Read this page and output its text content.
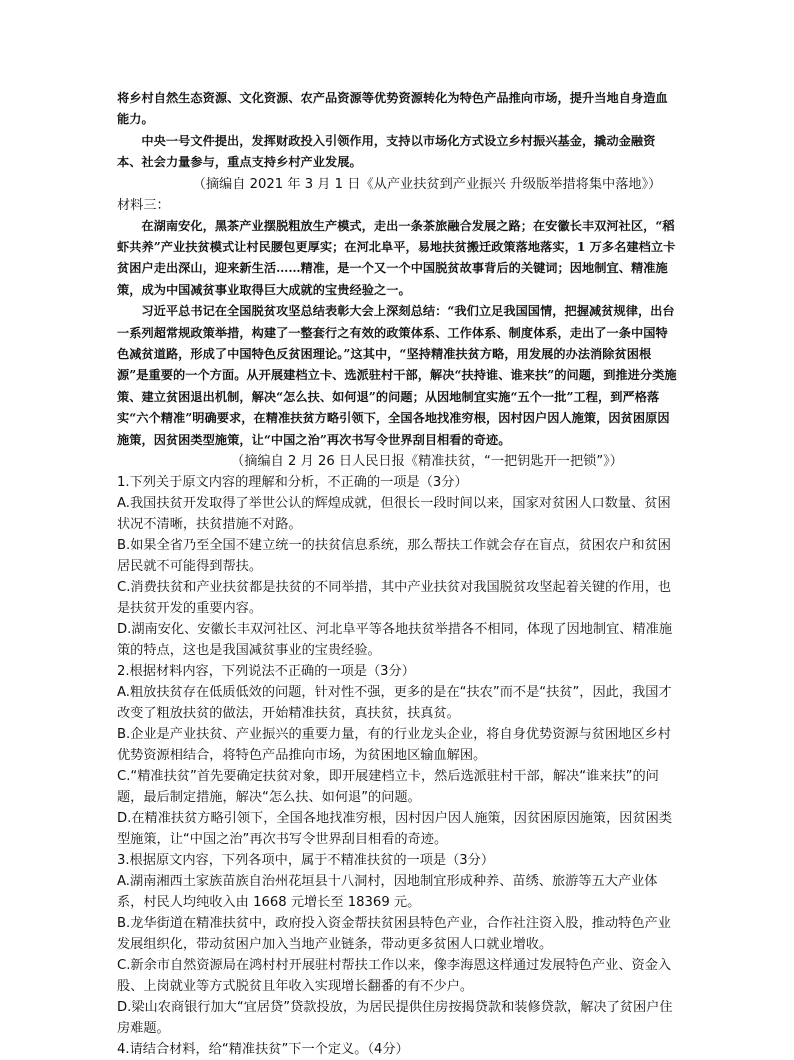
将乡村自然生态资源、文化资源、农产品资源等优势资源转化为特色产品推向市场，提升当地自身造血能力。

中央一号文件提出，发挥财政投入引领作用，支持以市场化方式设立乡村振兴基金，撬动金融资本、社会力量参与，重点支持乡村产业发展。

（摘编自 2021 年 3 月 1 日《从产业扶贫到产业振兴 升级版举措将集中落地》）

材料三：

在湖南安化，黑茶产业摆脱粗放生产模式，走出一条茶旅融合发展之路；在安徽长丰双河社区，“稻虾共养”产业扶贫模式让村民腰包更厚实；在河北阜平，易地扶贫搬迁政策落地落实，1 万多名建档立卡贫困户走出深山，迎来新生活……精准，是一个又一个中国脱贫故事背后的关键词；因地制宜、精准施策，成为中国减贫事业取得巨大成就的宝贵经验之一。

习近平总书记在全国脱贫攻坚总结表彰大会上深刻总结：“我们立足我国国情，把握减贫规律，出台一系列超常规政策举措，构建了一整套行之有效的政策体系、工作体系、制度体系，走出了一条中国特色减贫道路，形成了中国特色反贫困理论。”这其中，“坚持精准扶贫方略，用发展的办法消除贫困根源”是重要的一个方面。从开展建档立卡、选派驻村干部，解决“扶持谁、谁来扶”的问题，到推进分类施策、建立贫困退出机制，解决“怎么扶、如何退”的问题；从因地制宜实施“五个一批”工程，到严格落实“六个精准”明确要求，在精准扶贫方略引领下，全国各地找准穷根，因村因户因人施策，因贫困原因施策，因贫困类型施策，让“中国之治”再次书写令世界刮目相看的奇迹。

（摘编自 2 月 26 日人民日报《精准扶贫，“一把钥匙开一把锁”》）

1.下列关于原文内容的理解和分析，不正确的一项是（3分）

A.我国扶贫开发取得了举世公认的辉煌成就，但很长一段时间以来，国家对贫困人口数量、贫困状况不清晰，扶贫措施不对路。

B.如果全省乃至全国不建立统一的扶贫信息系统，那么帮扶工作就会存在盲点，贫困农户和贫困居民就不可能得到帮扶。

C.消费扶贫和产业扶贫都是扶贫的不同举措，其中产业扶贫对我国脱贫攻坚起着关键的作用，也是扶贫开发的重要内容。

D.湖南安化、安徽长丰双河社区、河北阜平等各地扶贫举措各不相同，体现了因地制宜、精准施策的特点，这也是我国减贫事业的宝贵经验。

2.根据材料内容，下列说法不正确的一项是（3分）

A.粗放扶贫存在低质低效的问题，针对性不强，更多的是在“扶农”而不是“扶贫”，因此，我国才改变了粗放扶贫的做法，开始精准扶贫，真扶贫，扶真贫。

B.企业是产业扶贫、产业振兴的重要力量，有的行业龙头企业，将自身优势资源与贫困地区乡村优势资源相结合，将特色产品推向市场，为贫困地区输血解困。

C.“精准扶贫”首先要确定扶贫对象，即开展建档立卡，然后选派驻村干部，解决“谁来扶”的问题，最后制定措施，解决“怎么扶、如何退”的问题。

D.在精准扶贫方略引领下，全国各地找准穷根，因村因户因人施策，因贫困原因施策，因贫困类型施策，让“中国之治”再次书写令世界刮目相看的奇迹。

3.根据原文内容，下列各项中，属于不精准扶贫的一项是（3分）

A.湖南湘西土家族苗族自治州花垣县十八洞村，因地制宜形成种养、苗绣、旅游等五大产业体系，村民人均纯收入由 1668 元增长至 18369 元。

B.龙华街道在精准扶贫中，政府投入资金帮扶贫困县特色产业，合作社注资入股，推动特色产业发展组织化，带动贫困户加入当地产业链条，带动更多贫困人口就业增收。

C.新余市自然资源局在鸿村村开展驻村帮扶工作以来，像李海恩这样通过发展特色产业、资金入股、上岗就业等方式脱贫且年收入实现增长翻番的有不少户。

D.梁山农商银行加大“宜居贷”贷款投放，为居民提供住房按揭贷款和装修贷款，解决了贫困户住房难题。

4.请结合材料，给“精准扶贫”下一个定义。（4分）
